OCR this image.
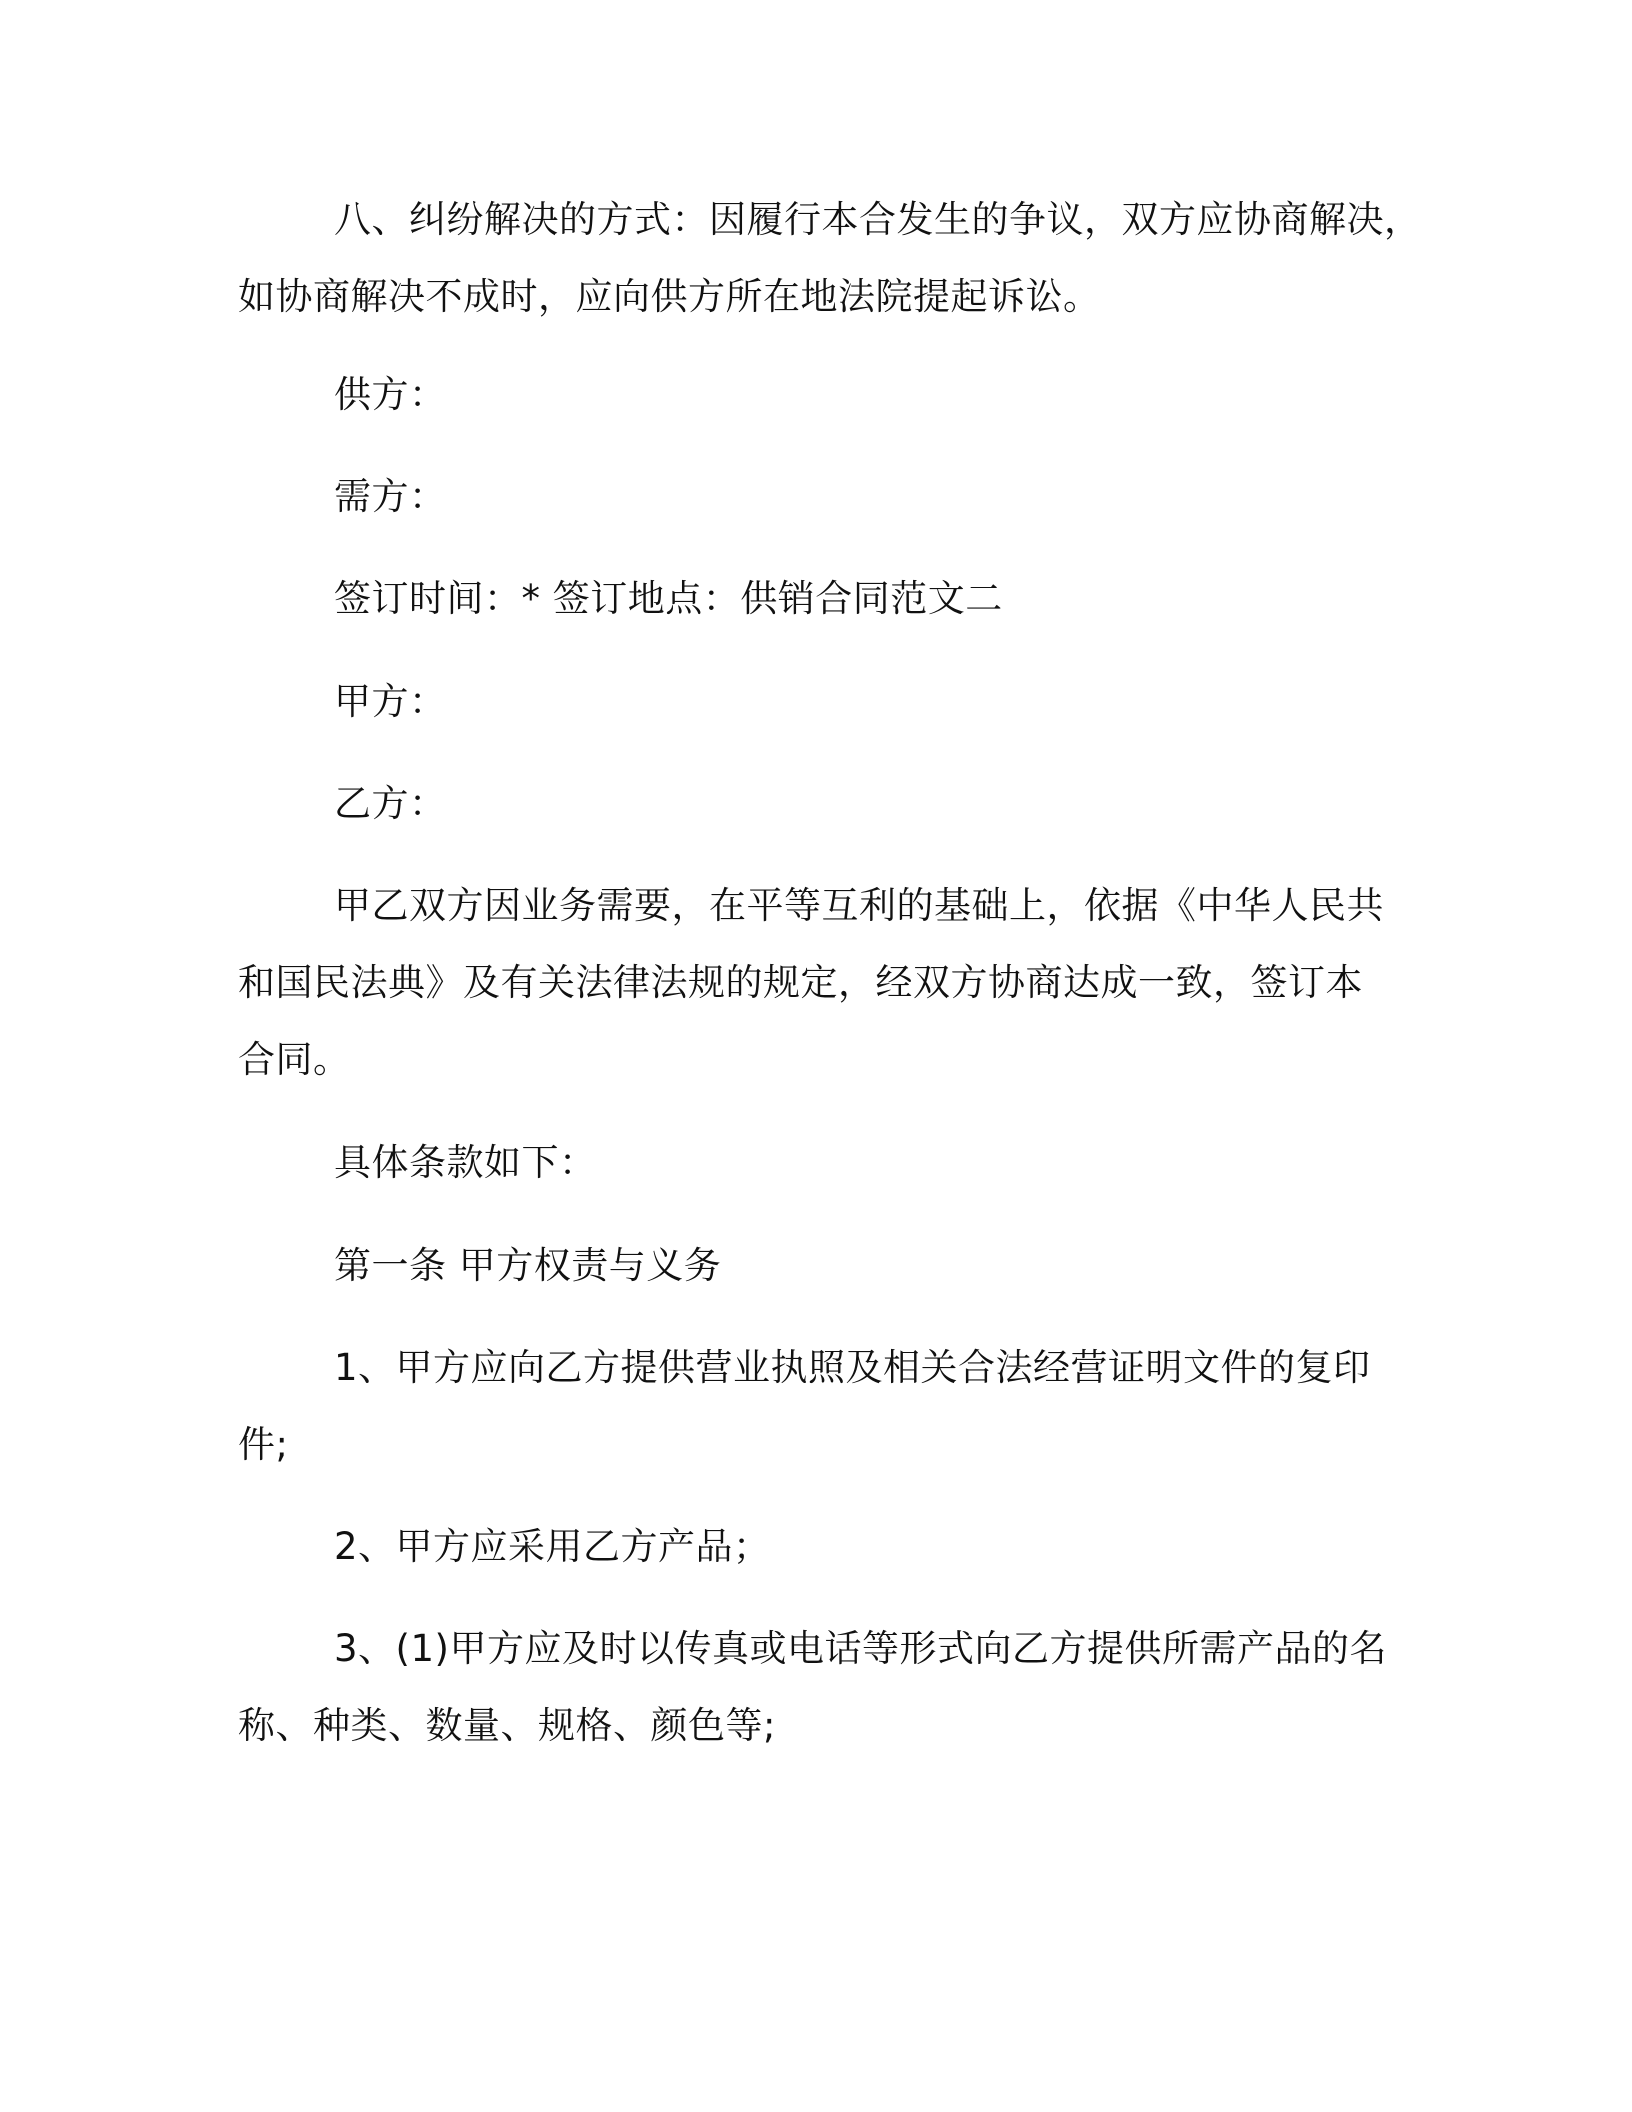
八、纠纷解决的方式：因履行本合发生的争议，双方应协商解决，
如协商解决不成时，应向供方所在地法院提起诉讼。
供方：
需方：
签订时间：* 签订地点：供销合同范文二
甲方：
乙方：
甲乙双方因业务需要，在平等互利的基础上，依据《中华人民共
和国民法典》及有关法律法规的规定，经双方协商达成一致，签订本
合同。
具体条款如下：
第一条 甲方权责与义务
1、甲方应向乙方提供营业执照及相关合法经营证明文件的复印
件;
2、甲方应采用乙方产品；
3、(1)甲方应及时以传真或电话等形式向乙方提供所需产品的名
称、种类、数量、规格、颜色等;
